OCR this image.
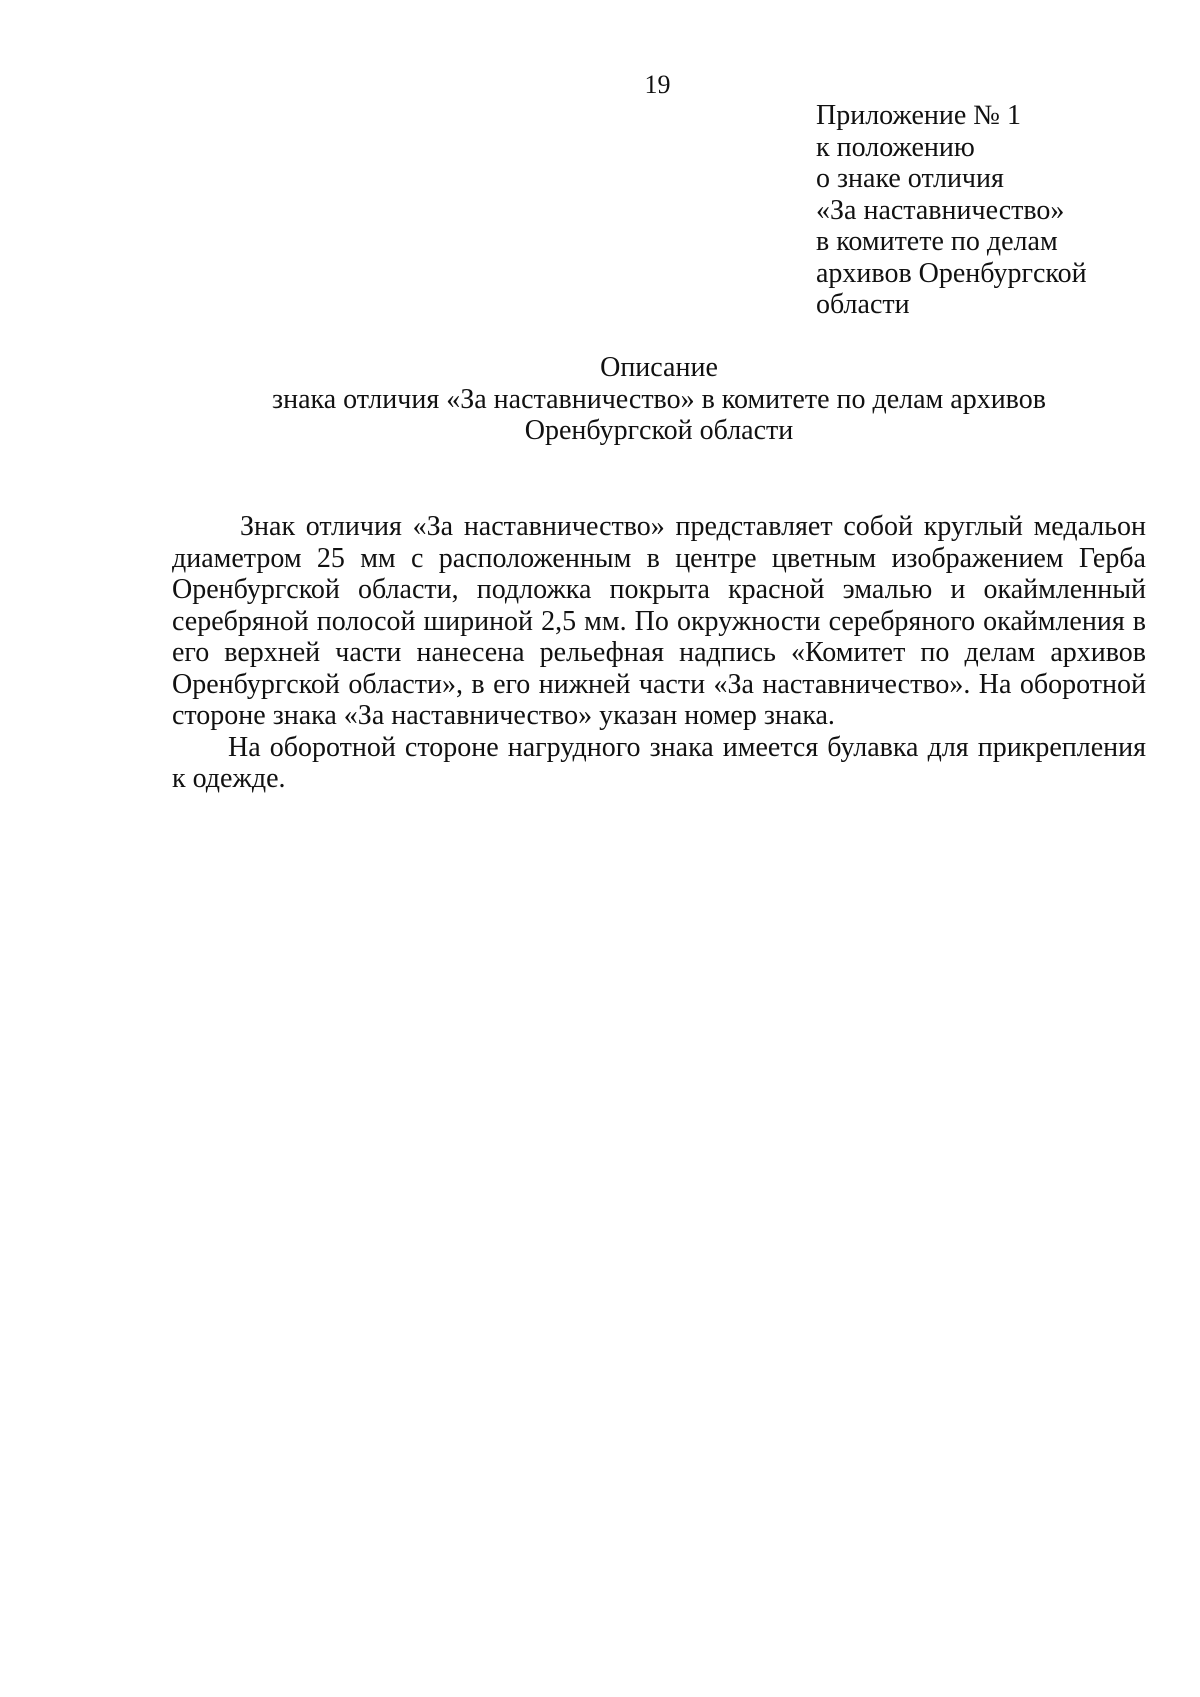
19
Приложение № 1
к положению
о знаке отличия
«За наставничество»
в комитете по делам
архивов Оренбургской
области
Описание
знака отличия «За наставничество» в комитете по делам архивов
Оренбургской области

Знак отличия «За наставничество» представляет собой круглый медальон диаметром 25 мм с расположенным в центре цветным изображением Герба Оренбургской области, подложка покрыта красной эмалью и окаймленный серебряной полосой шириной 2,5 мм. По окружности серебряного окаймления в его верхней части нанесена рельефная надпись «Комитет по делам архивов Оренбургской области», в его нижней части «За наставничество». На оборотной стороне знака «За наставничество» указан номер знака.

На оборотной стороне нагрудного знака имеется булавка для прикрепления к одежде.
